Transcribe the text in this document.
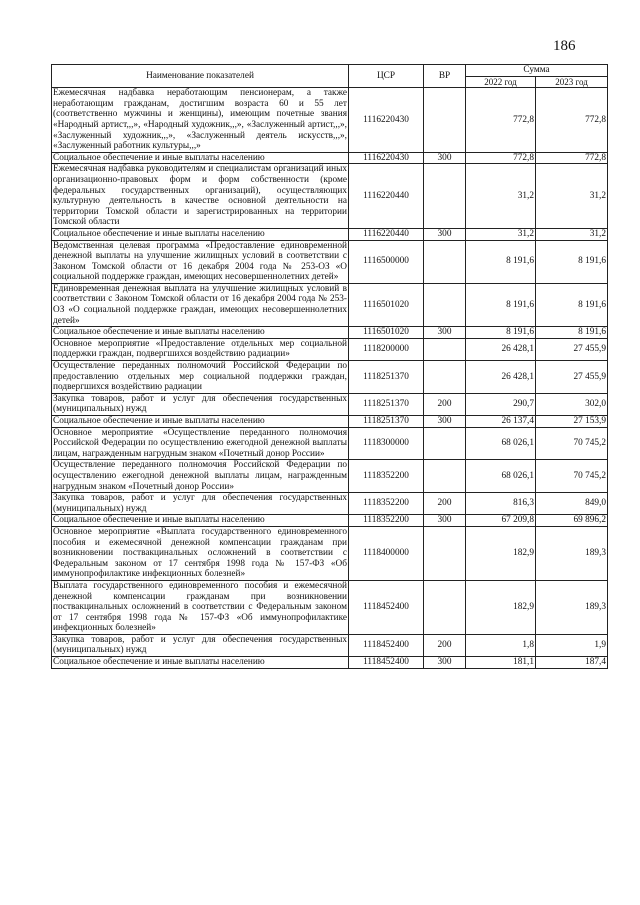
186
Наименование показателей	ЦСР	ВР	Сумма	
			2022 год	2023 год
Ежемесячная надбавка неработающим пенсионерам, а также неработающим гражданам, достигшим возраста 60 и 55 лет (соответственно мужчины и женщины), имеющим почетные звания «Народный артист,,,», «Народный художник,,,», «Заслуженный артист,,,», «Заслуженный художник,,,», «Заслуженный деятель искусств,,,», «Заслуженный работник культуры,,,»	1116220430		772,8	772,8
Социальное обеспечение и иные выплаты населению	1116220430	300	772,8	772,8
Ежемесячная надбавка руководителям и специалистам организаций иных организационно-правовых форм и форм собственности (кроме федеральных государственных организаций), осуществляющих культурную деятельность в качестве основной деятельности на территории Томской области и зарегистрированных на территории Томской области	1116220440		31,2	31,2
Социальное обеспечение и иные выплаты населению	1116220440	300	31,2	31,2
Ведомственная целевая программа «Предоставление единовременной денежной выплаты на улучшение жилищных условий в соответствии с Законом Томской области от 16 декабря 2004 года № 253-ОЗ «О социальной поддержке граждан, имеющих несовершеннолетних детей»	1116500000		8 191,6	8 191,6
Единовременная денежная выплата на улучшение жилищных условий в соответствии с Законом Томской области от 16 декабря 2004 года № 253-ОЗ «О социальной поддержке граждан, имеющих несовершеннолетних детей»	1116501020		8 191,6	8 191,6
Социальное обеспечение и иные выплаты населению	1116501020	300	8 191,6	8 191,6
Основное мероприятие «Предоставление отдельных мер социальной поддержки граждан, подвергшихся воздействию радиации»	1118200000		26 428,1	27 455,9
Осуществление переданных полномочий Российской Федерации по предоставлению отдельных мер социальной поддержки граждан, подвергшихся воздействию радиации	1118251370		26 428,1	27 455,9
Закупка товаров, работ и услуг для обеспечения государственных (муниципальных) нужд	1118251370	200	290,7	302,0
Социальное обеспечение и иные выплаты населению	1118251370	300	26 137,4	27 153,9
Основное мероприятие «Осуществление переданного полномочия Российской Федерации по осуществлению ежегодной денежной выплаты лицам, награжденным нагрудным знаком «Почетный донор России»	1118300000		68 026,1	70 745,2
Осуществление переданного полномочия Российской Федерации по осуществлению ежегодной денежной выплаты лицам, награжденным нагрудным знаком «Почетный донор России»	1118352200		68 026,1	70 745,2
Закупка товаров, работ и услуг для обеспечения государственных (муниципальных) нужд	1118352200	200	816,3	849,0
Социальное обеспечение и иные выплаты населению	1118352200	300	67 209,8	69 896,2
Основное мероприятие «Выплата государственного единовременного пособия и ежемесячной денежной компенсации гражданам при возникновении поствакцинальных осложнений в соответствии с Федеральным законом от 17 сентября 1998 года № 157-ФЗ «Об иммунопрофилактике инфекционных болезней»	1118400000		182,9	189,3
Выплата государственного единовременного пособия и ежемесячной денежной компенсации гражданам при возникновении поствакцинальных осложнений в соответствии с Федеральным законом от 17 сентября 1998 года № 157-ФЗ «Об иммунопрофилактике инфекционных болезней»	1118452400		182,9	189,3
Закупка товаров, работ и услуг для обеспечения государственных (муниципальных) нужд	1118452400	200	1,8	1,9
Социальное обеспечение и иные выплаты населению	1118452400	300	181,1	187,4
